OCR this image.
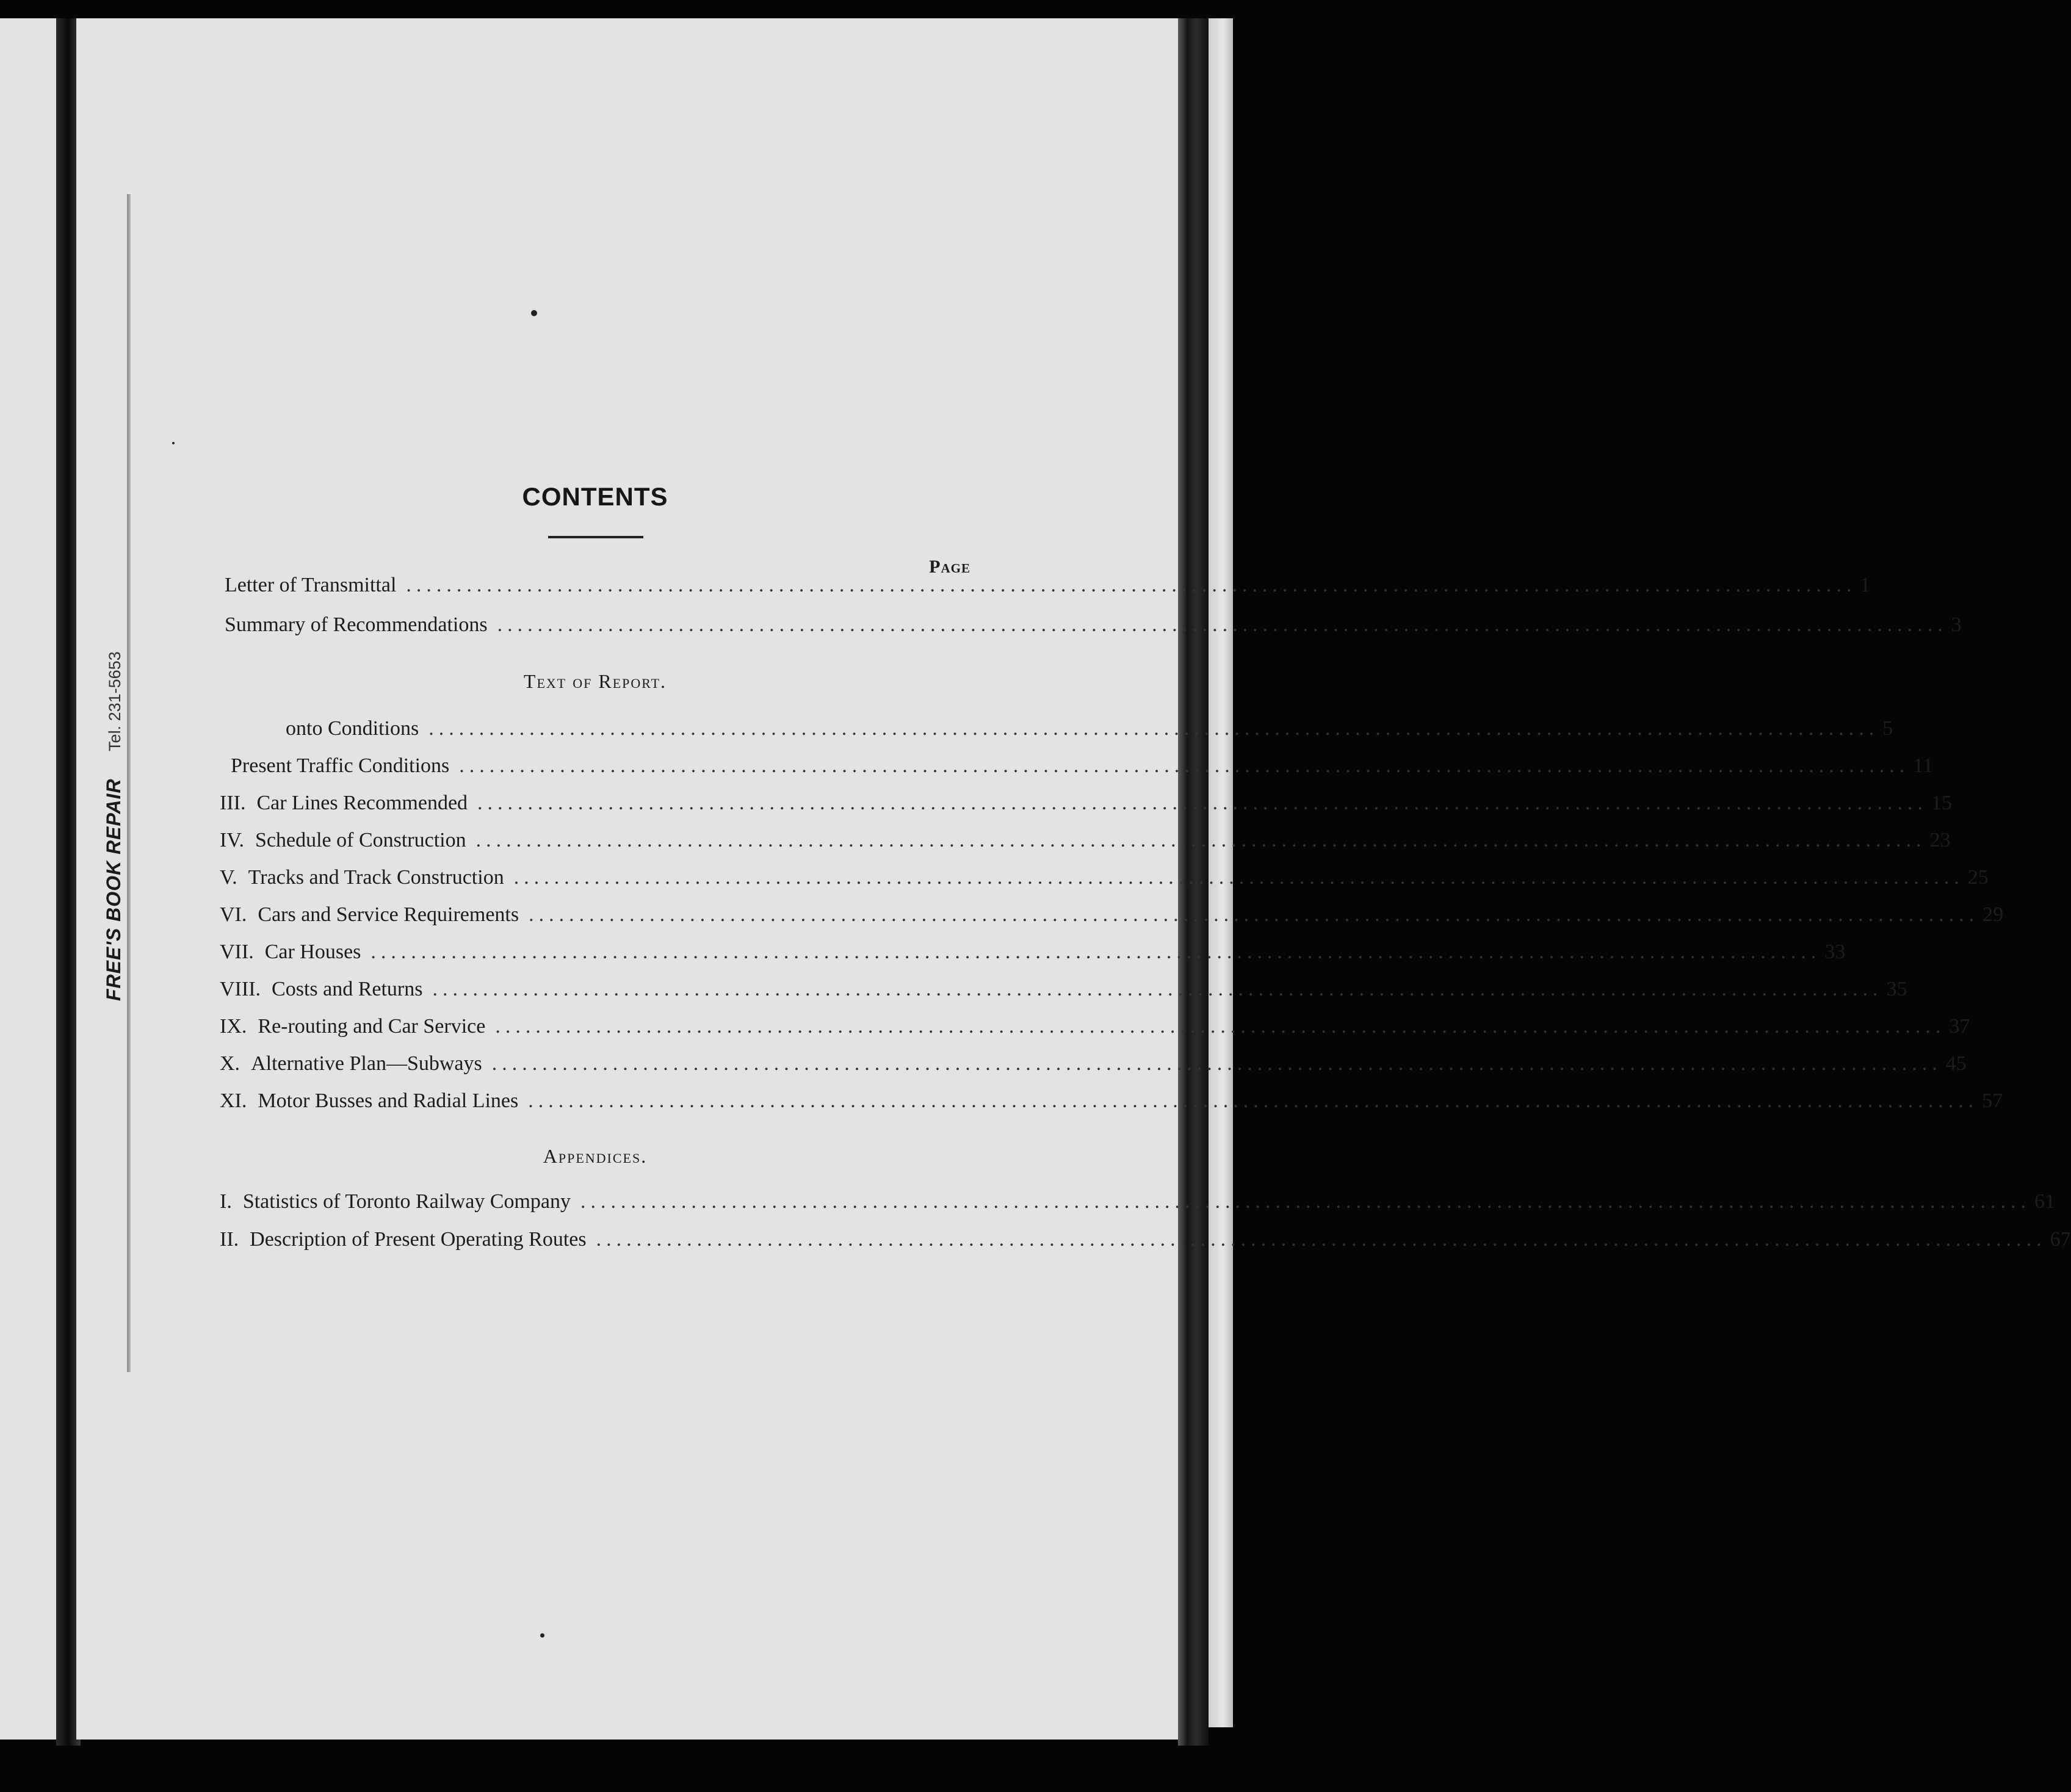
FREE'S BOOK REPAIR Tel. 231-5653
CONTENTS
Page
Letter of Transmittal ................................................................................................................................................ 1
Summary of Recommendations ................................................................................................................................................ 3
Text of Report.
onto Conditions ................................................................................................................................................ 5
Present Traffic Conditions ................................................................................................................................................ 11
III. Car Lines Recommended ................................................................................................................................................ 15
IV. Schedule of Construction ................................................................................................................................................ 23
V. Tracks and Track Construction ................................................................................................................................................ 25
VI. Cars and Service Requirements ................................................................................................................................................ 29
VII. Car Houses ................................................................................................................................................ 33
VIII. Costs and Returns ................................................................................................................................................ 35
IX. Re-routing and Car Service ................................................................................................................................................ 37
X. Alternative Plan—Subways ................................................................................................................................................ 45
XI. Motor Busses and Radial Lines ................................................................................................................................................ 57
Appendices.
I. Statistics of Toronto Railway Company ................................................................................................................................................ 61
II. Description of Present Operating Routes ................................................................................................................................................ 67
